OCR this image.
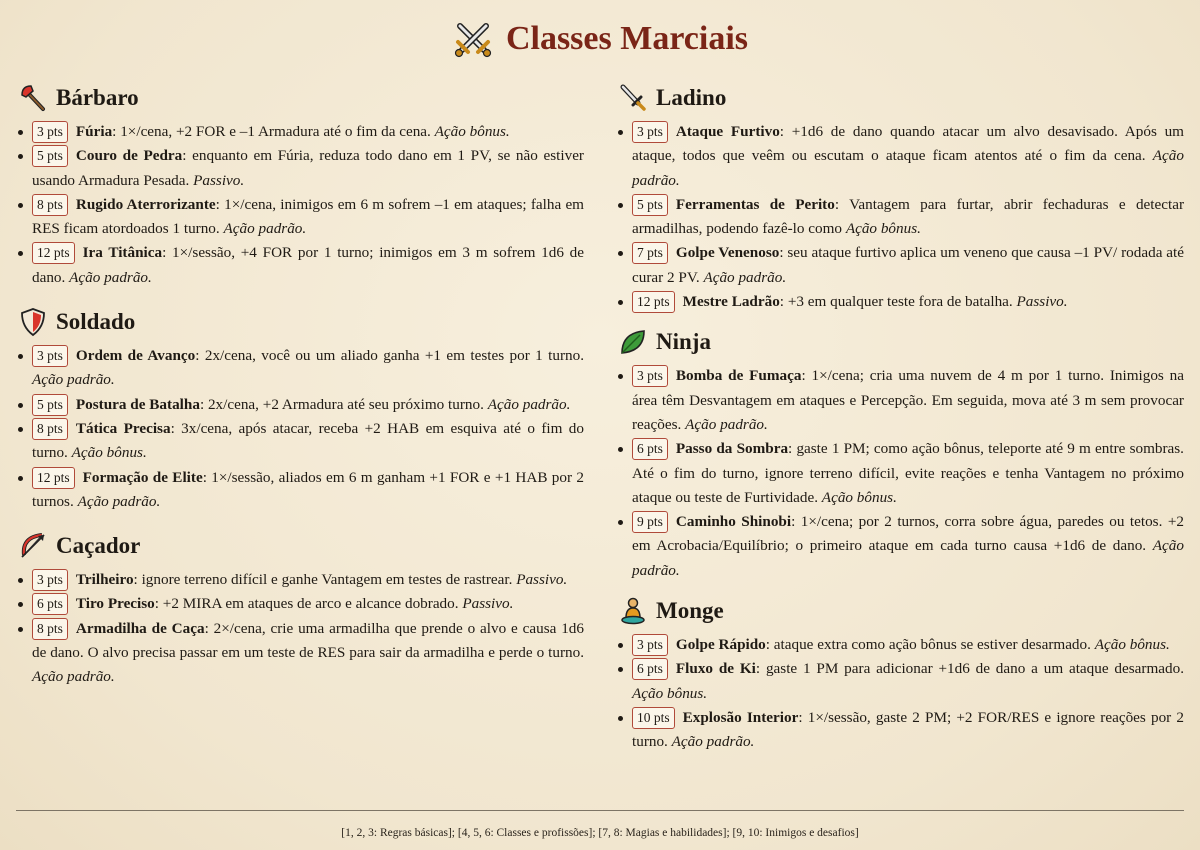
Classes Marciais
Bárbaro
3 pts Fúria: 1×/cena, +2 FOR e –1 Armadura até o fim da cena. Ação bônus.
5 pts Couro de Pedra: enquanto em Fúria, reduza todo dano em 1 PV, se não estiver usando Armadura Pesada. Passivo.
8 pts Rugido Aterrorizante: 1×/cena, inimigos em 6 m sofrem –1 em ataques; falha em RES ficam atordoados 1 turno. Ação padrão.
12 pts Ira Titânica: 1×/sessão, +4 FOR por 1 turno; inimigos em 3 m sofrem 1d6 de dano. Ação padrão.
Soldado
3 pts Ordem de Avanço: 2x/cena, você ou um aliado ganha +1 em testes por 1 turno. Ação padrão.
5 pts Postura de Batalha: 2x/cena, +2 Armadura até seu próximo turno. Ação padrão.
8 pts Tática Precisa: 3x/cena, após atacar, receba +2 HAB em esquiva até o fim do turno. Ação bônus.
12 pts Formação de Elite: 1×/sessão, aliados em 6 m ganham +1 FOR e +1 HAB por 2 turnos. Ação padrão.
Caçador
3 pts Trilheiro: ignore terreno difícil e ganhe Vantagem em testes de rastrear. Passivo.
6 pts Tiro Preciso: +2 MIRA em ataques de arco e alcance dobrado. Passivo.
8 pts Armadilha de Caça: 2×/cena, crie uma armadilha que prende o alvo e causa 1d6 de dano. O alvo precisa passar em um teste de RES para sair da armadilha e perde o turno. Ação padrão.
Ladino
3 pts Ataque Furtivo: +1d6 de dano quando atacar um alvo desavisado. Após um ataque, todos que veêm ou escutam o ataque ficam atentos até o fim da cena. Ação padrão.
5 pts Ferramentas de Perito: Vantagem para furtar, abrir fechaduras e detectar armadilhas, podendo fazê-lo como Ação bônus.
7 pts Golpe Venenoso: seu ataque furtivo aplica um veneno que causa –1 PV/ rodada até curar 2 PV. Ação padrão.
12 pts Mestre Ladrão: +3 em qualquer teste fora de batalha. Passivo.
Ninja
3 pts Bomba de Fumaça: 1×/cena; cria uma nuvem de 4 m por 1 turno. Inimigos na área têm Desvantagem em ataques e Percepção. Em seguida, mova até 3 m sem provocar reações. Ação padrão.
6 pts Passo da Sombra: gaste 1 PM; como ação bônus, teleporte até 9 m entre sombras. Até o fim do turno, ignore terreno difícil, evite reações e tenha Vantagem no próximo ataque ou teste de Furtividade. Ação bônus.
9 pts Caminho Shinobi: 1×/cena; por 2 turnos, corra sobre água, paredes ou tetos. +2 em Acrobacia/Equilíbrio; o primeiro ataque em cada turno causa +1d6 de dano. Ação padrão.
Monge
3 pts Golpe Rápido: ataque extra como ação bônus se estiver desarmado. Ação bônus.
6 pts Fluxo de Ki: gaste 1 PM para adicionar +1d6 de dano a um ataque desarmado. Ação bônus.
10 pts Explosão Interior: 1×/sessão, gaste 2 PM; +2 FOR/RES e ignore reações por 2 turno. Ação padrão.
[1, 2, 3: Regras básicas]; [4, 5, 6: Classes e profissões]; [7, 8: Magias e habilidades]; [9, 10: Inimigos e desafios]
